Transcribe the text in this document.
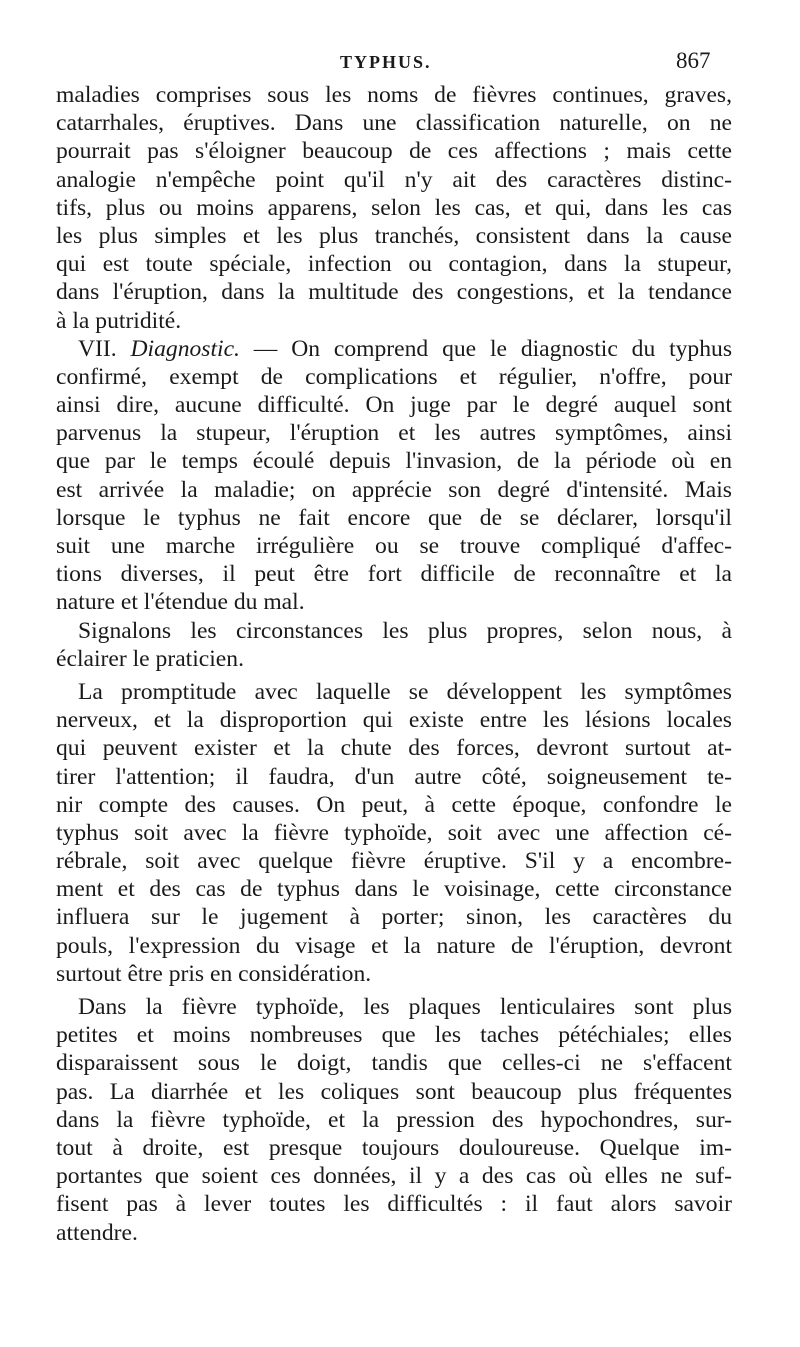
TYPHUS.	867
maladies comprises sous les noms de fièvres continues, graves,
catarrhales, éruptives. Dans une classification naturelle, on ne
pourrait pas s'éloigner beaucoup de ces affections ; mais cette
analogie n'empêche point qu'il n'y ait des caractères distinc-
tifs, plus ou moins apparens, selon les cas, et qui, dans les cas
les plus simples et les plus tranchés, consistent dans la cause
qui est toute spéciale, infection ou contagion, dans la stupeur,
dans l'éruption, dans la multitude des congestions, et la tendance
à la putridité.
VII. Diagnostic. — On comprend que le diagnostic du typhus
confirmé, exempt de complications et régulier, n'offre, pour
ainsi dire, aucune difficulté. On juge par le degré auquel sont
parvenus la stupeur, l'éruption et les autres symptômes, ainsi
que par le temps écoulé depuis l'invasion, de la période où en
est arrivée la maladie; on apprécie son degré d'intensité. Mais
lorsque le typhus ne fait encore que de se déclarer, lorsqu'il
suit une marche irrégulière ou se trouve compliqué d'affec-
tions diverses, il peut être fort difficile de reconnaître et la
nature et l'étendue du mal.
Signalons les circonstances les plus propres, selon nous, à
éclairer le praticien.
La promptitude avec laquelle se développent les symptômes
nerveux, et la disproportion qui existe entre les lésions locales
qui peuvent exister et la chute des forces, devront surtout at-
tirer l'attention; il faudra, d'un autre côté, soigneusement te-
nir compte des causes. On peut, à cette époque, confondre le
typhus soit avec la fièvre typhoïde, soit avec une affection cé-
rébrale, soit avec quelque fièvre éruptive. S'il y a encombre-
ment et des cas de typhus dans le voisinage, cette circonstance
influera sur le jugement à porter; sinon, les caractères du
pouls, l'expression du visage et la nature de l'éruption, devront
surtout être pris en considération.
Dans la fièvre typhoïde, les plaques lenticulaires sont plus
petites et moins nombreuses que les taches pétéchiales; elles
disparaissent sous le doigt, tandis que celles-ci ne s'effacent
pas. La diarrhée et les coliques sont beaucoup plus fréquentes
dans la fièvre typhoïde, et la pression des hypochondres, sur-
tout à droite, est presque toujours douloureuse. Quelque im-
portantes que soient ces données, il y a des cas où elles ne suf-
fisent pas à lever toutes les difficultés : il faut alors savoir
attendre.
